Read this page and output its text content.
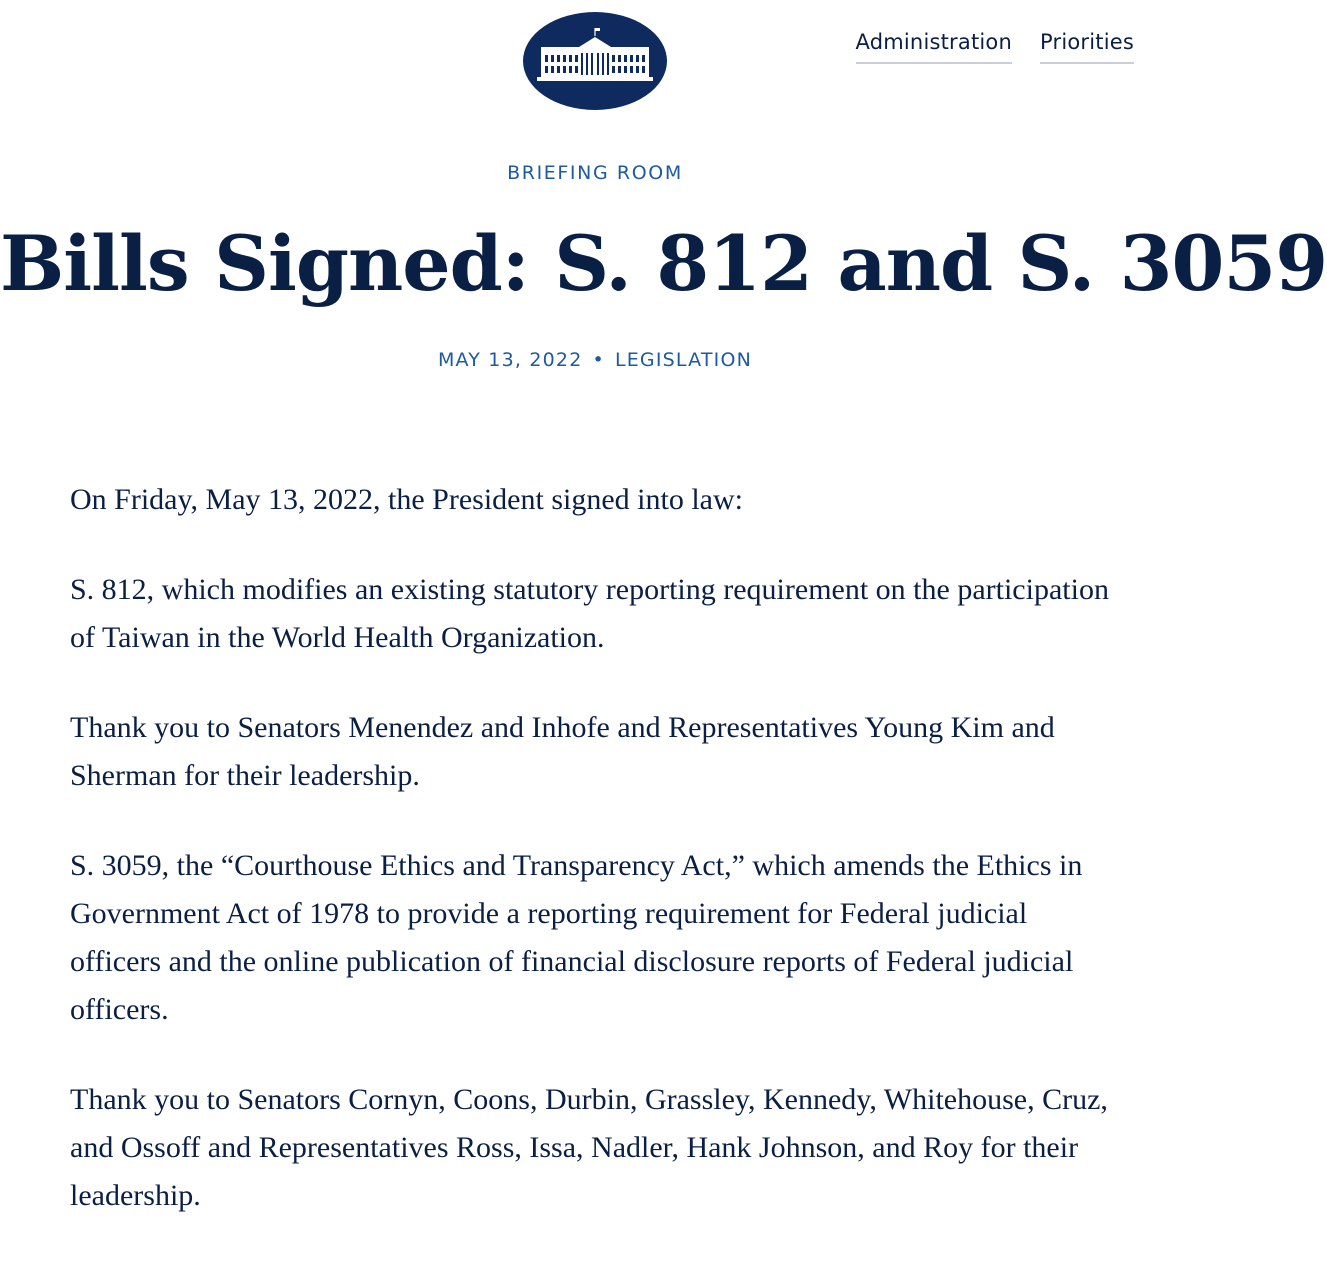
Administration Priorities
BRIEFING ROOM
Bills Signed: S. 812 and S. 3059
MAY 13, 2022 • LEGISLATION

On Friday, May 13, 2022, the President signed into law:

S. 812, which modifies an existing statutory reporting requirement on the participation of Taiwan in the World Health Organization.

Thank you to Senators Menendez and Inhofe and Representatives Young Kim and Sherman for their leadership.

S. 3059, the “Courthouse Ethics and Transparency Act,” which amends the Ethics in Government Act of 1978 to provide a reporting requirement for Federal judicial officers and the online publication of financial disclosure reports of Federal judicial officers.

Thank you to Senators Cornyn, Coons, Durbin, Grassley, Kennedy, Whitehouse, Cruz, and Ossoff and Representatives Ross, Issa, Nadler, Hank Johnson, and Roy for their leadership.
